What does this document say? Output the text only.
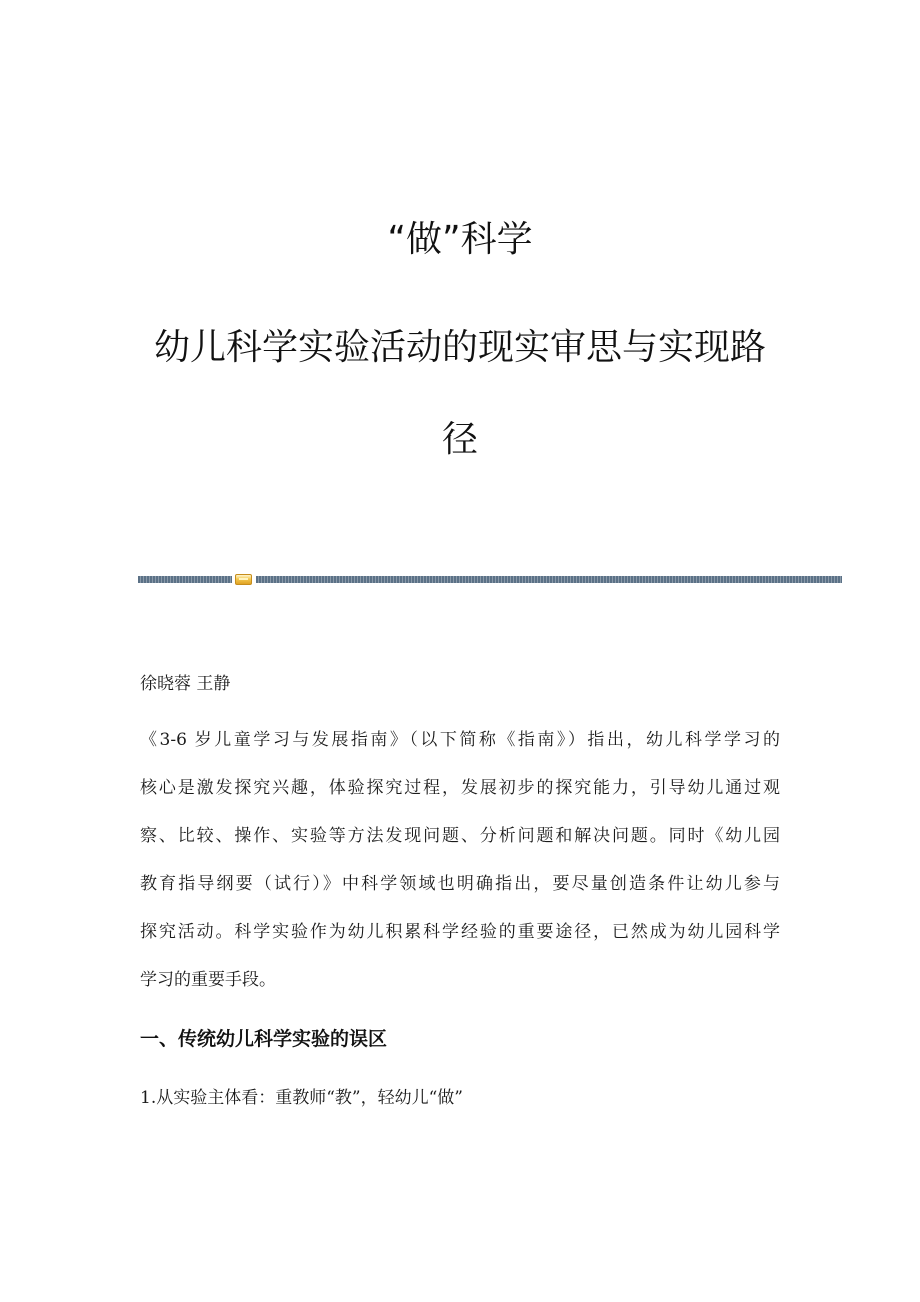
“做”科学
幼儿科学实验活动的现实审思与实现路
径
徐晓蓉 王静
《3-6 岁儿童学习与发展指南》（以下简称《指南》）指出，幼儿科学学习的
核心是激发探究兴趣，体验探究过程，发展初步的探究能力，引导幼儿通过观
察、比较、操作、实验等方法发现问题、分析问题和解决问题。同时《幼儿园
教育指导纲要（试行）》中科学领域也明确指出，要尽量创造条件让幼儿参与
探究活动。科学实验作为幼儿积累科学经验的重要途径，已然成为幼儿园科学
学习的重要手段。
一、传统幼儿科学实验的误区
1.从实验主体看：重教师“教”，轻幼儿“做”
